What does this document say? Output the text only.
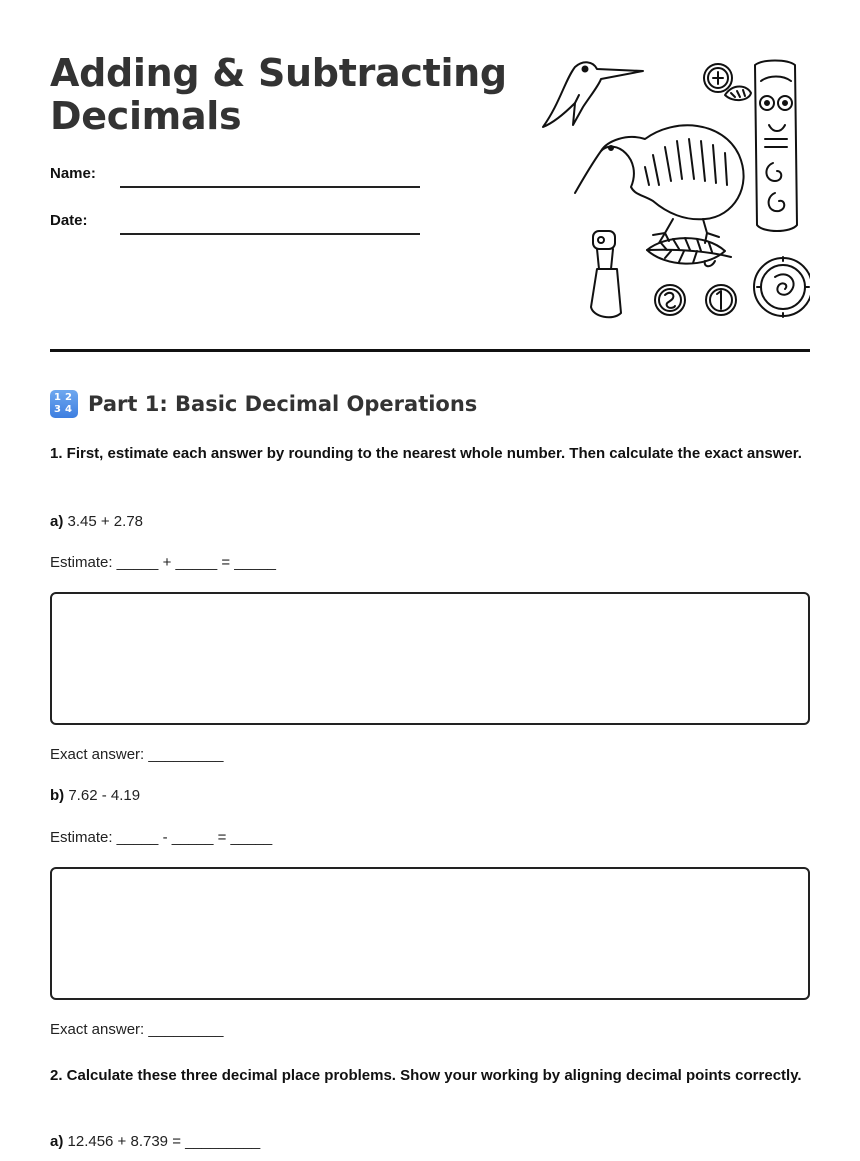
Adding & Subtracting
Decimals
Name:
Date:
1 2
3 4 Part 1: Basic Decimal Operations
1. First, estimate each answer by rounding to the nearest whole number. Then calculate the exact answer.
a) 3.45 + 2.78
Estimate: _____ + _____ = _____
Exact answer: _________
b) 7.62 - 4.19
Estimate: _____ - _____ = _____
Exact answer: _________
2. Calculate these three decimal place problems. Show your working by aligning decimal points correctly.
a) 12.456 + 8.739 = _________
